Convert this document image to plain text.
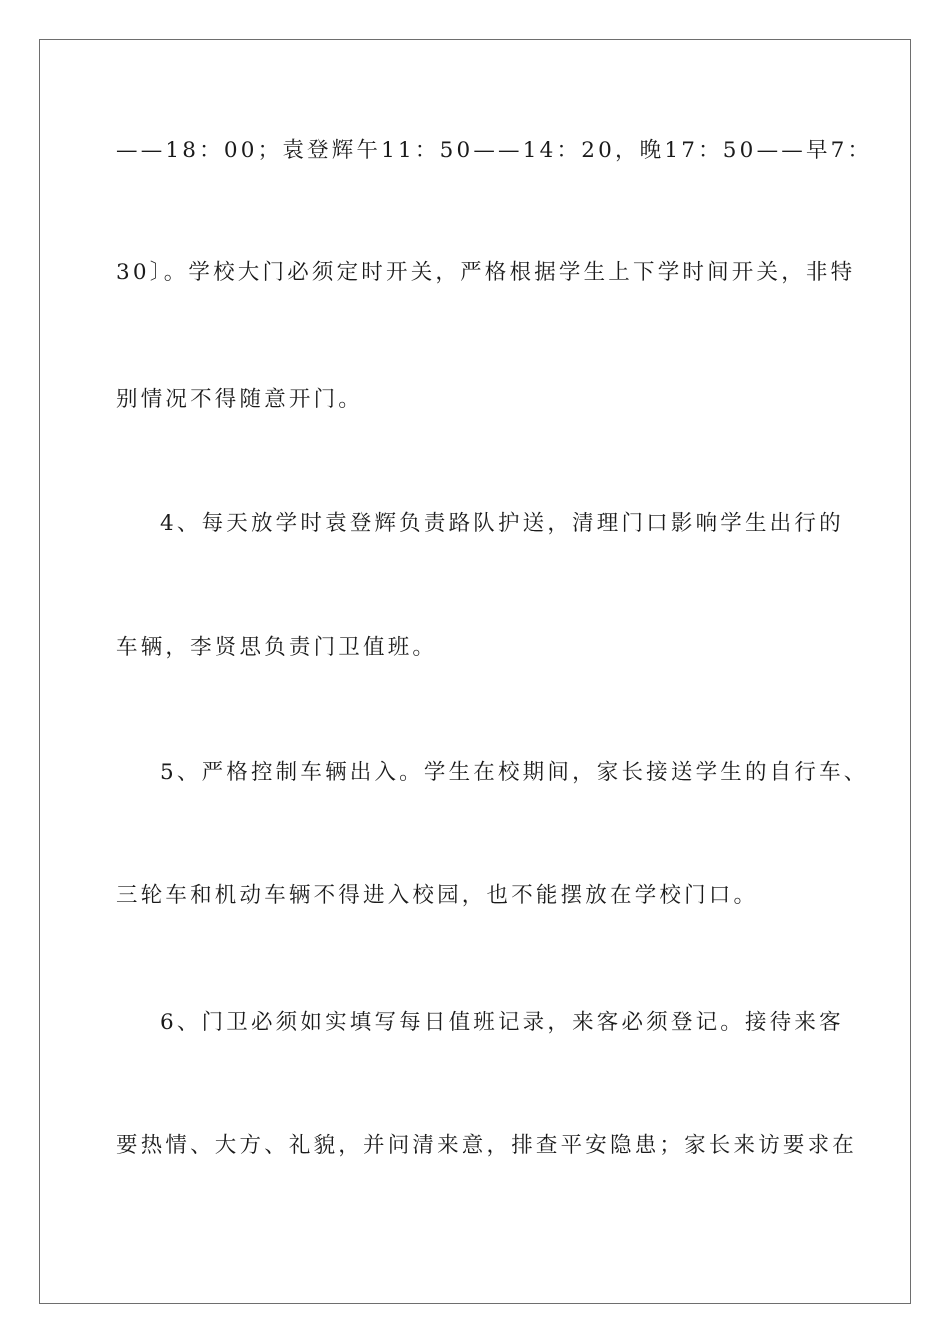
——18：00；袁登辉午11：50——14：20，晚17：50——早7：
30〕。学校大门必须定时开关，严格根据学生上下学时间开关，非特
别情况不得随意开门。
4、每天放学时袁登辉负责路队护送，清理门口影响学生出行的
车辆，李贤思负责门卫值班。
5、严格控制车辆出入。学生在校期间，家长接送学生的自行车、
三轮车和机动车辆不得进入校园，也不能摆放在学校门口。
6、门卫必须如实填写每日值班记录，来客必须登记。接待来客
要热情、大方、礼貌，并问清来意，排查平安隐患；家长来访要求在
